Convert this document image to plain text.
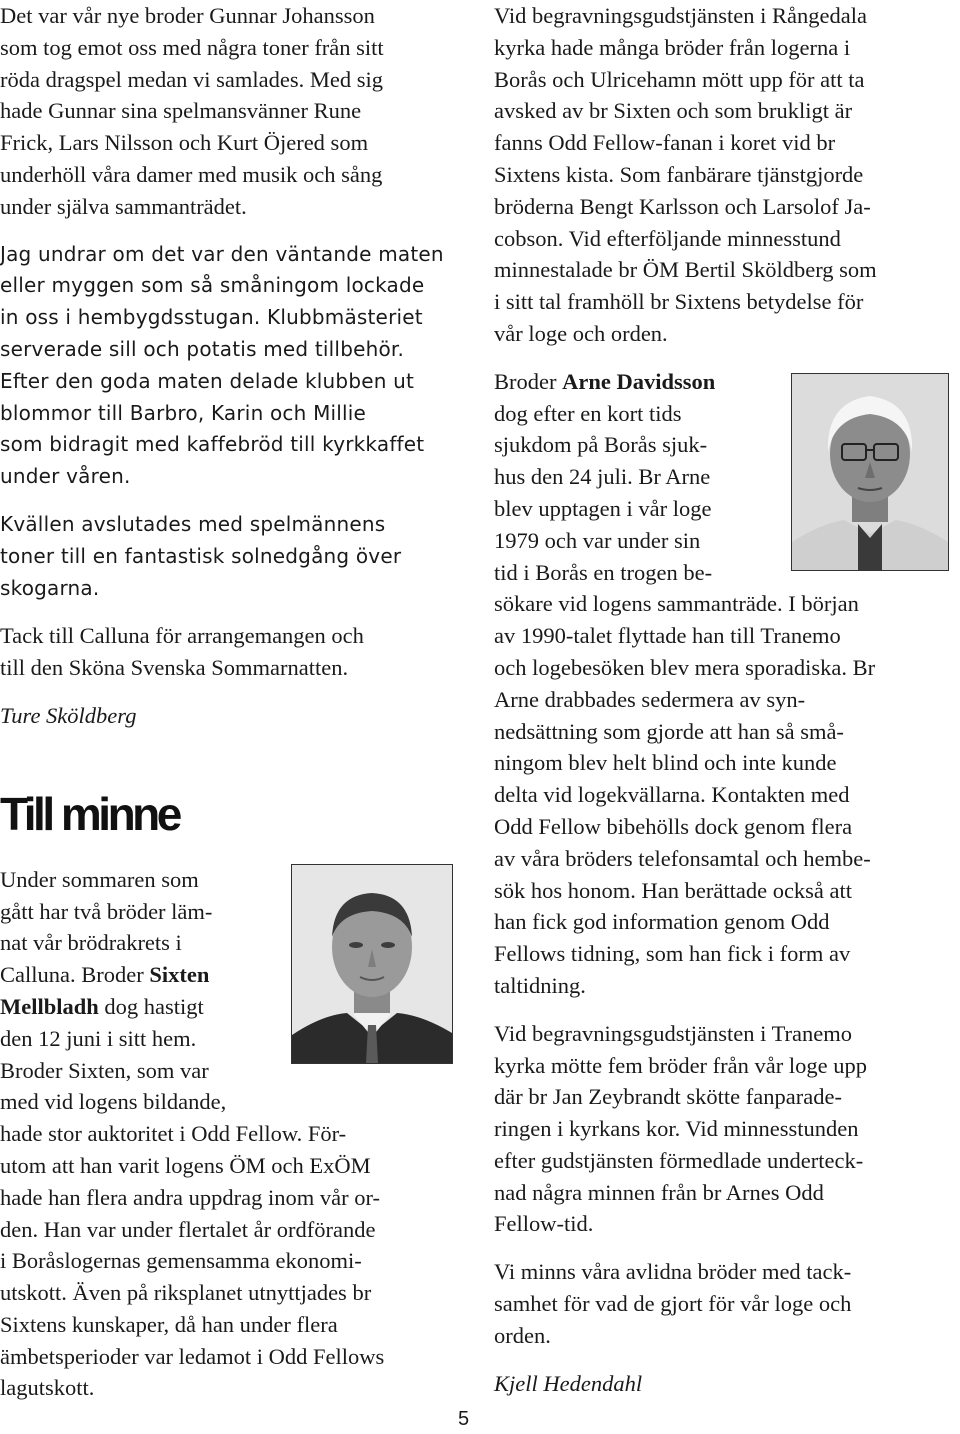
Det var vår nye broder Gunnar Johansson
som tog emot oss med några toner från sitt
röda dragspel medan vi samlades. Med sig
hade Gunnar sina spelmansvänner Rune
Frick, Lars Nilsson och Kurt Öjered som
underhöll våra damer med musik och sång
under själva sammanträdet.
Jag undrar om det var den väntande maten
eller myggen som så småningom lockade
in oss i hembygdsstugan. Klubbmästeriet
serverade sill och potatis med tillbehör.
Efter den goda maten delade klubben ut
blommor till Barbro, Karin och Millie
som bidragit med kaffebröd till kyrkkaffet
under våren.
Kvällen avslutades med spelmännens
toner till en fantastisk solnedgång över
skogarna.
Tack till Calluna för arrangemangen och
till den Sköna Svenska Sommarnatten.
Ture Sköldberg
Under sommaren som
gått har två bröder läm-
nat vår brödrakrets i
Calluna. Broder Sixten
Mellbladh dog hastigt
den 12 juni i sitt hem.
Broder Sixten, som var
med vid logens bildande,
hade stor auktoritet i Odd Fellow. För-
utom att han varit logens ÖM och ExÖM
hade han flera andra uppdrag inom vår or-
den. Han var under flertalet år ordförande
i Boråslogernas gemensamma ekonomi-
utskott. Även på riksplanet utnyttjades br
Sixtens kunskaper, då han under flera
ämbetsperioder var ledamot i Odd Fellows
lagutskott.
Till minne
Vid begravningsgudstjänsten i Rångedala
kyrka hade många bröder från logerna i
Borås och Ulricehamn mött upp för att ta
avsked av br Sixten och som brukligt är
fanns Odd Fellow-fanan i koret vid br
Sixtens kista. Som fanbärare tjänstgjorde
bröderna Bengt Karlsson och Larsolof Ja-
cobson. Vid efterföljande minnesstund
minnestalade br ÖM Bertil Sköldberg som
i sitt tal framhöll br Sixtens betydelse för
vår loge och orden.
Broder Arne Davidsson
dog efter en kort tids
sjukdom på Borås sjuk-
hus den 24 juli. Br Arne
blev upptagen i vår loge
1979 och var under sin
tid i Borås en trogen be-
sökare vid logens sammanträde. I början
av 1990-talet flyttade han till Tranemo
och logebesöken blev mera sporadiska. Br
Arne drabbades sedermera av syn-
nedsättning som gjorde att han så små-
ningom blev helt blind och inte kunde
delta vid logekvällarna. Kontakten med
Odd Fellow bibehölls dock genom flera
av våra bröders telefonsamtal och hembe-
sök hos honom. Han berättade också att
han fick god information genom Odd
Fellows tidning, som han fick i form av
taltidning.
Vid begravningsgudstjänsten i Tranemo
kyrka mötte fem bröder från vår loge upp
där br Jan Zeybrandt skötte fanparade-
ringen i kyrkans kor. Vid minnesstunden
efter gudstjänsten förmedlade underteck-
nad några minnen från br Arnes Odd
Fellow-tid.
Vi minns våra avlidna bröder med tack-
samhet för vad de gjort för vår loge och
orden.
Kjell Hedendahl
5
